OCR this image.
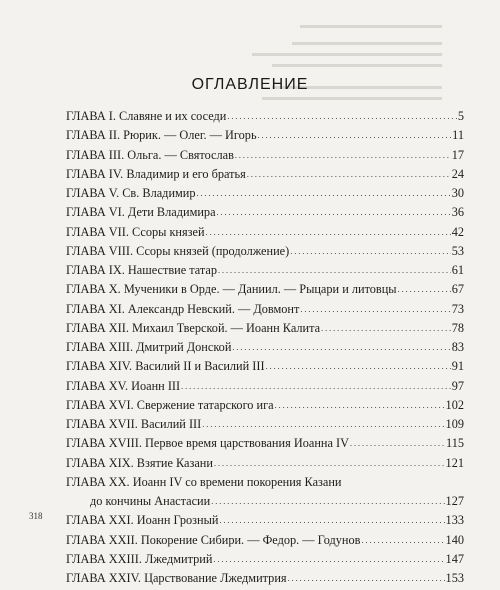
ОГЛАВЛЕНИЕ
ГЛАВА I. Славяне и их соседи . . .	5
ГЛАВА II. Рюрик. — Олег. — Игорь . . .	11
ГЛАВА III. Ольга. — Святослав . . .	17
ГЛАВА IV. Владимир и его братья . . .	24
ГЛАВА V. Св. Владимир . . .	30
ГЛАВА VI. Дети Владимира . . .	36
ГЛАВА VII. Ссоры князей . . .	42
ГЛАВА VIII. Ссоры князей (продолжение) . . .	53
ГЛАВА IX. Нашествие татар . . .	61
ГЛАВА X. Мученики в Орде. — Даниил. — Рыцари и литовцы . . .	67
ГЛАВА XI. Александр Невский. — Довмонт . . .	73
ГЛАВА XII. Михаил Тверской. — Иоанн Калита . . .	78
ГЛАВА XIII. Дмитрий Донской . . .	83
ГЛАВА XIV. Василий II и Василий III . . .	91
ГЛАВА XV. Иоанн III . . .	97
ГЛАВА XVI. Свержение татарского ига . . .	102
ГЛАВА XVII. Василий III . . .	109
ГЛАВА XVIII. Первое время царствования Иоанна IV . . .	115
ГЛАВА XIX. Взятие Казани . . .	121
ГЛАВА XX. Иоанн IV со времени покорения Казани
до кончины Анастасии . . .	127
ГЛАВА XXI. Иоанн Грозный . . .	133
ГЛАВА XXII. Покорение Сибири. — Федор. — Годунов . . .	140
ГЛАВА XXIII. Лжедмитрий . . .	147
ГЛАВА XXIV. Царствование Лжедмитрия . . .	153
318
